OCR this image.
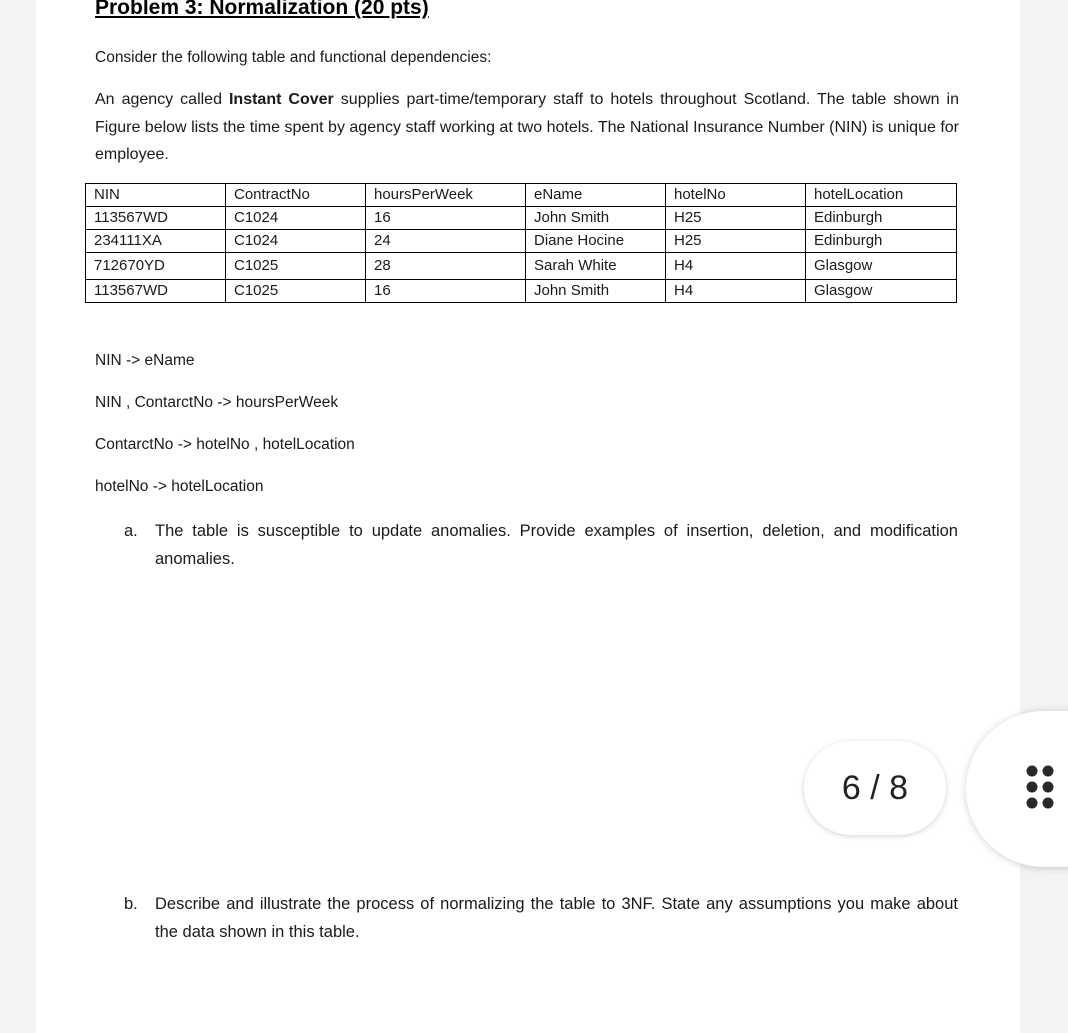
Problem 3: Normalization (20 pts)
Consider the following table and functional dependencies:
An agency called Instant Cover supplies part-time/temporary staff to hotels throughout Scotland. The table shown in Figure below lists the time spent by agency staff working at two hotels. The National Insurance Number (NIN) is unique for employee.
NIN	ContractNo	hoursPerWeek	eName	hotelNo	hotelLocation
113567WD	C1024	16	John Smith	H25	Edinburgh
234111XA	C1024	24	Diane Hocine	H25	Edinburgh
712670YD	C1025	28	Sarah White	H4	Glasgow
113567WD	C1025	16	John Smith	H4	Glasgow
NIN -> eName
NIN , ContarctNo -> hoursPerWeek
ContarctNo -> hotelNo , hotelLocation
hotelNo -> hotelLocation
a. The table is susceptible to update anomalies. Provide examples of insertion, deletion, and modification anomalies.
b. Describe and illustrate the process of normalizing the table to 3NF. State any assumptions you make about the data shown in this table.
6 / 8
